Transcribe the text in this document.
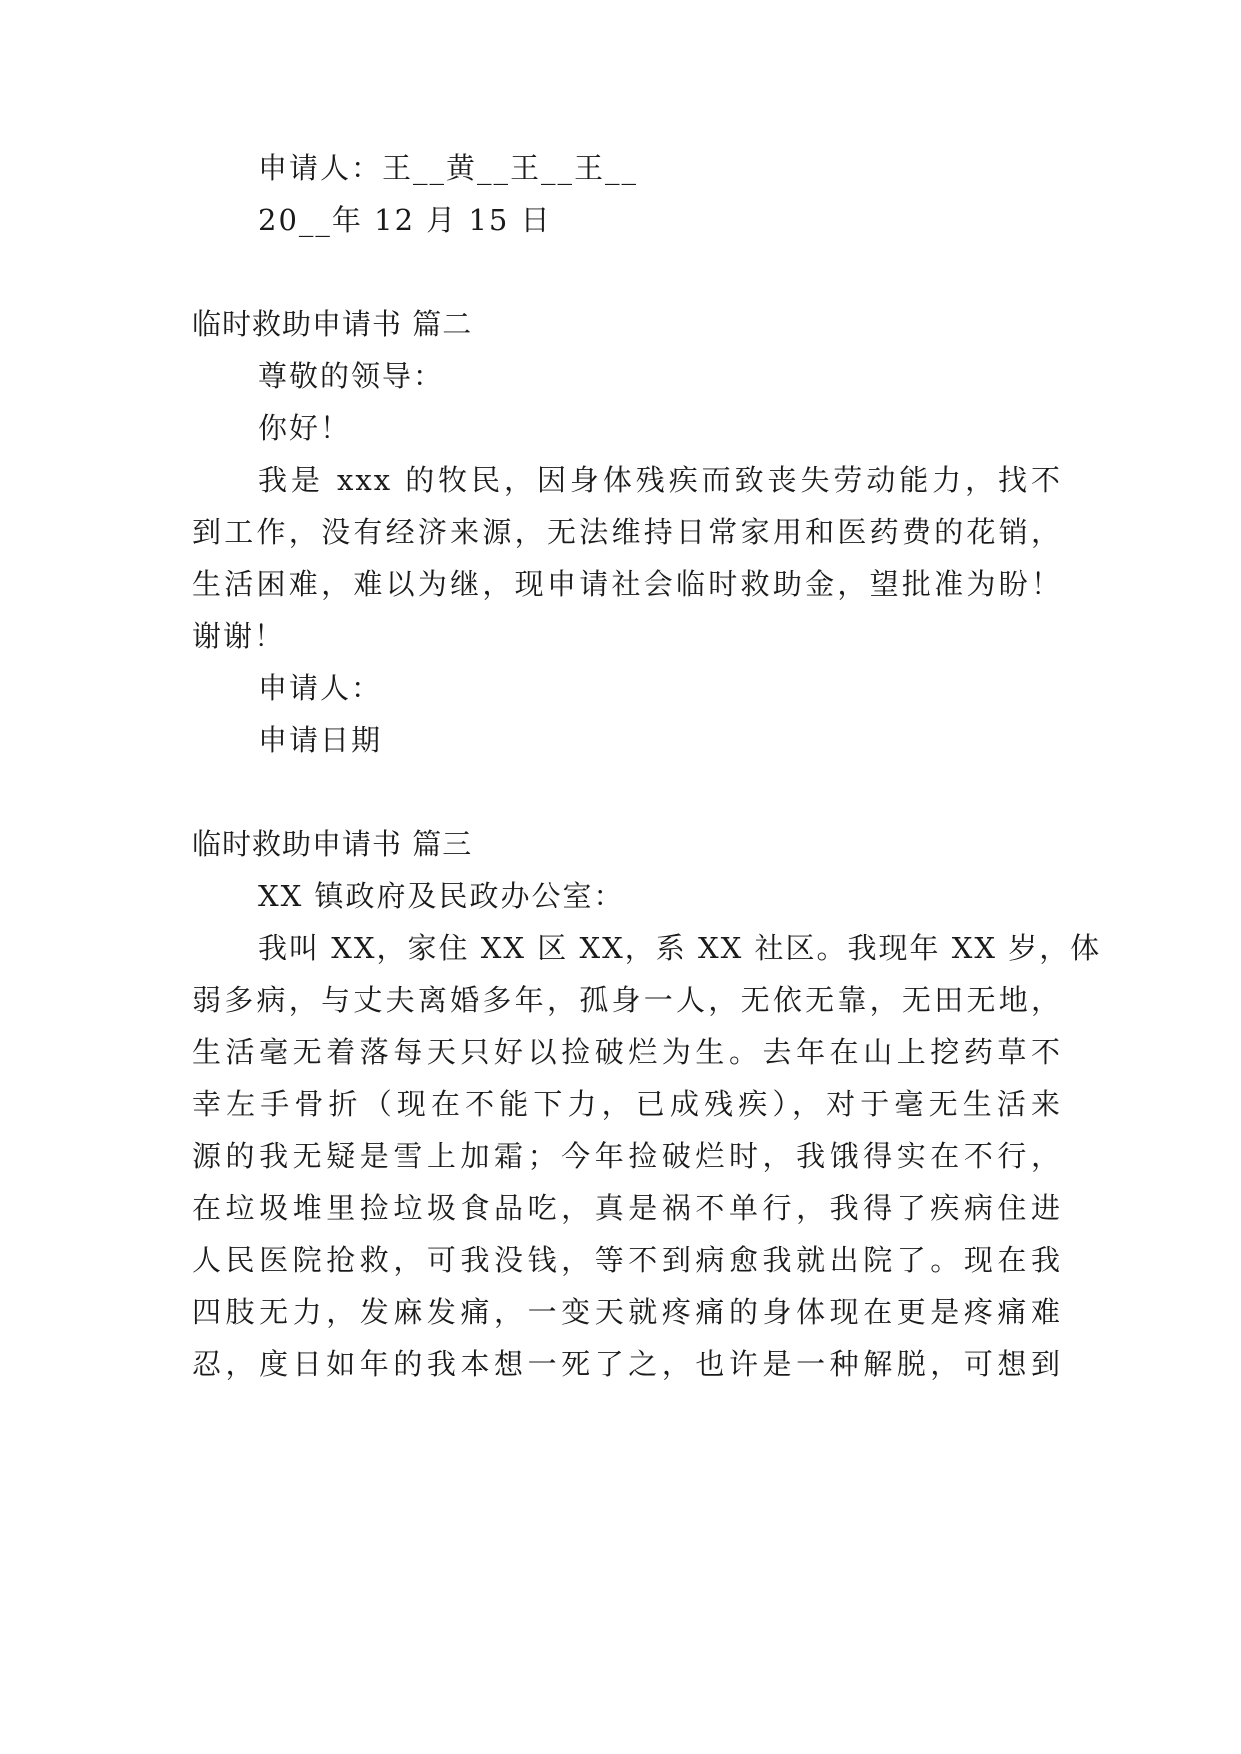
申请人：王__黄__王__王__
20__年 12 月 15 日
临时救助申请书 篇二
尊敬的领导：
你好！
我是 xxx 的牧民，因身体残疾而致丧失劳动能力，找不
到工作，没有经济来源，无法维持日常家用和医药费的花销，
生活困难，难以为继，现申请社会临时救助金，望批准为盼！
谢谢！
申请人：
申请日期
临时救助申请书 篇三
XX 镇政府及民政办公室：
我叫 XX，家住 XX 区 XX，系 XX 社区。我现年 XX 岁，体
弱多病，与丈夫离婚多年，孤身一人，无依无靠，无田无地，
生活毫无着落每天只好以捡破烂为生。去年在山上挖药草不
幸左手骨折（现在不能下力，已成残疾），对于毫无生活来
源的我无疑是雪上加霜；今年捡破烂时，我饿得实在不行，
在垃圾堆里捡垃圾食品吃，真是祸不单行，我得了疾病住进
人民医院抢救，可我没钱，等不到病愈我就出院了。现在我
四肢无力，发麻发痛，一变天就疼痛的身体现在更是疼痛难
忍，度日如年的我本想一死了之，也许是一种解脱，可想到
